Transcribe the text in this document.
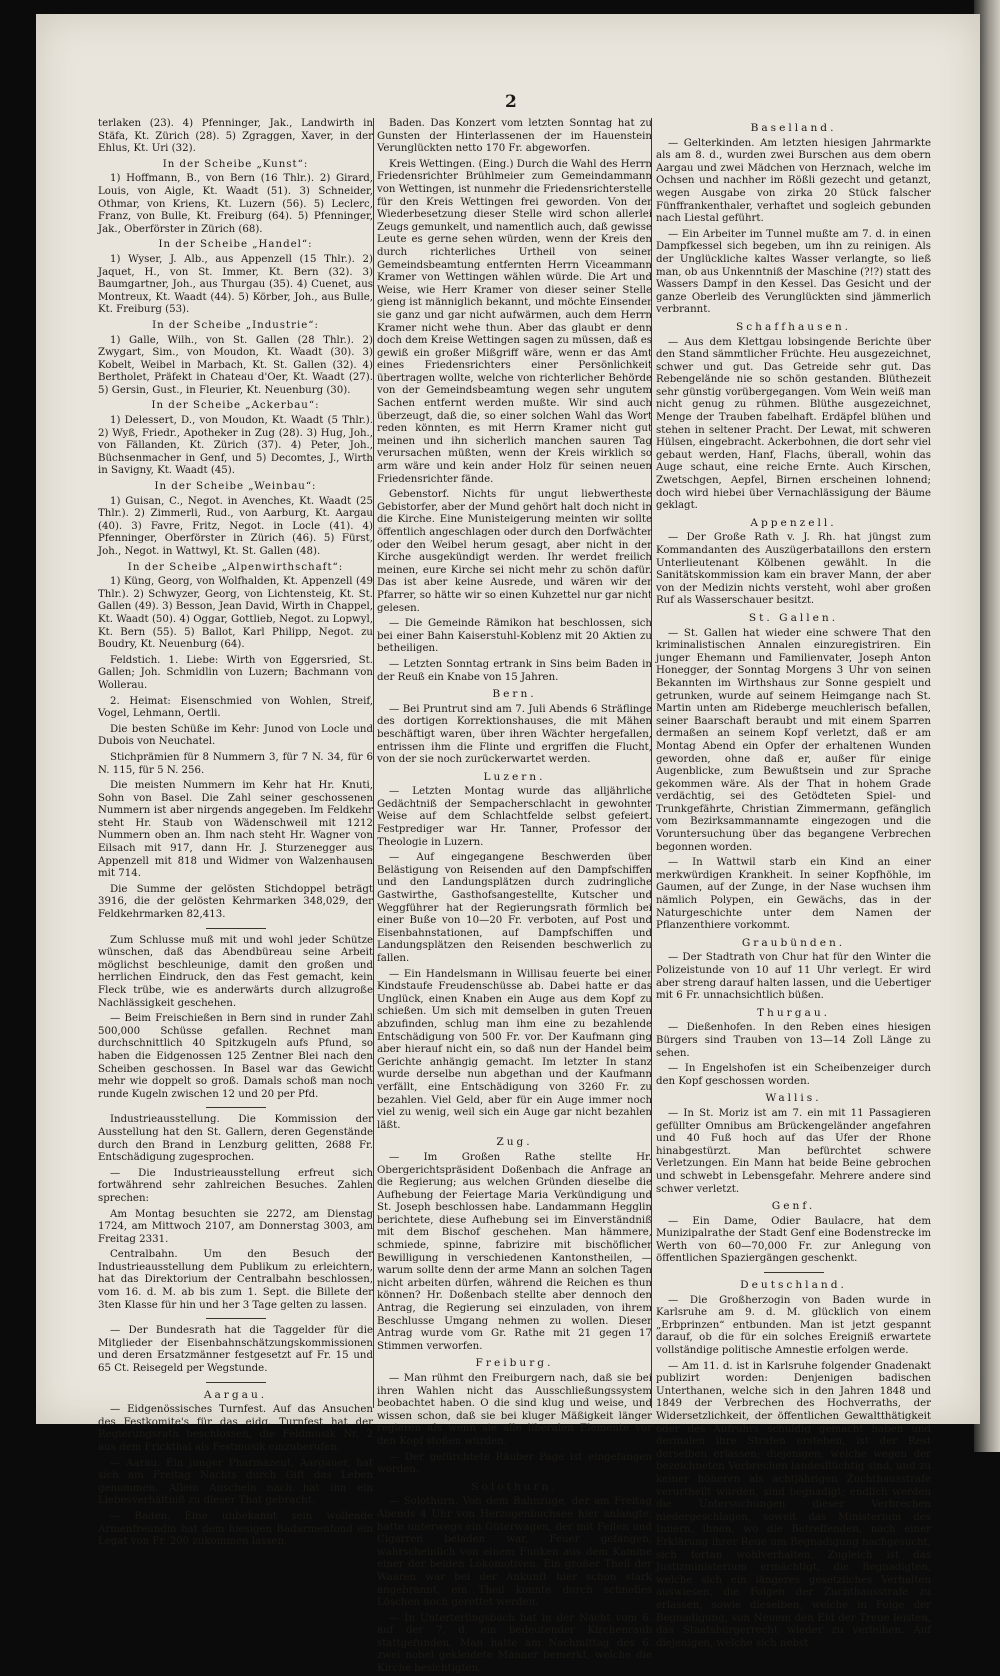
2

terlaken (23). 4) Pfenninger, Jak., Landwirth in Stäfa, Kt. Zürich (28). 5) Zgraggen, Xaver, in der Ehlus, Kt. Uri (32).

In der Scheibe „Kunst“:

1) Hoffmann, B., von Bern (16 Thlr.). 2) Girard, Louis, von Aigle, Kt. Waadt (51). 3) Schneider, Othmar, von Kriens, Kt. Luzern (56). 5) Leclerc, Franz, von Bulle, Kt. Freiburg (64). 5) Pfenninger, Jak., Oberförster in Zürich (68).

In der Scheibe „Handel“:

1) Wyser, J. Alb., aus Appenzell (15 Thlr.). 2) Jaquet, H., von St. Immer, Kt. Bern (32). 3) Baumgartner, Joh., aus Thurgau (35). 4) Cuenet, aus Montreux, Kt. Waadt (44). 5) Körber, Joh., aus Bulle, Kt. Freiburg (53).

In der Scheibe „Industrie“:

1) Galle, Wilh., von St. Gallen (28 Thlr.). 2) Zwygart, Sim., von Moudon, Kt. Waadt (30). 3) Kobelt, Weibel in Marbach, Kt. St. Gallen (32). 4) Bertholet, Präfekt in Chateau d'Oer, Kt. Waadt (27). 5) Gersin, Gust., in Fleurier, Kt. Neuenburg (30).

In der Scheibe „Ackerbau“:

1) Delessert, D., von Moudon, Kt. Waadt (5 Thlr.). 2) Wyß, Friedr., Apotheker in Zug (28). 3) Hug, Joh., von Fällanden, Kt. Zürich (37). 4) Peter, Joh., Büchsenmacher in Genf, und 5) Decomtes, J., Wirth in Savigny, Kt. Waadt (45).

In der Scheibe „Weinbau“:

1) Guisan, C., Negot. in Avenches, Kt. Waadt (25 Thlr.). 2) Zimmerli, Rud., von Aarburg, Kt. Aargau (40). 3) Favre, Fritz, Negot. in Locle (41). 4) Pfenninger, Oberförster in Zürich (46). 5) Fürst, Joh., Negot. in Wattwyl, Kt. St. Gallen (48).

In der Scheibe „Alpenwirthschaft“:

1) Küng, Georg, von Wolfhalden, Kt. Appenzell (49 Thlr.). 2) Schwyzer, Georg, von Lichtensteig, Kt. St. Gallen (49). 3) Besson, Jean David, Wirth in Chappel, Kt. Waadt (50). 4) Oggar, Gottlieb, Negot. zu Lopwyl, Kt. Bern (55). 5) Ballot, Karl Philipp, Negot. zu Boudry, Kt. Neuenburg (64).

Feldstich. 1. Liebe: Wirth von Eggersried, St. Gallen; Joh. Schmidlin von Luzern; Bachmann von Wollerau.

2. Heimat: Eisenschmied von Wohlen, Streif, Vogel, Lehmann, Oertli.

Die besten Schüße im Kehr: Junod von Locle und Dubois von Neuchatel.

Stichprämien für 8 Nummern 3, für 7 N. 34, für 6 N. 115, für 5 N. 256.

Die meisten Nummern im Kehr hat Hr. Knuti, Sohn von Basel. Die Zahl seiner geschossenen Nummern ist aber nirgends angegeben. Im Feldkehr steht Hr. Staub von Wädenschweil mit 1212 Nummern oben an. Ihm nach steht Hr. Wagner von Eilsach mit 917, dann Hr. J. Sturzenegger aus Appenzell mit 818 und Widmer von Walzenhausen mit 714.

Die Summe der gelösten Stichdoppel beträgt 3916, die der gelösten Kehrmarken 348,029, der Feldkehrmarken 82,413.

Zum Schlusse muß mit und wohl jeder Schütze wünschen, daß das Abendbüreau seine Arbeit möglichst beschleunige, damit den großen und herrlichen Eindruck, den das Fest gemacht, kein Fleck trübe, wie es anderwärts durch allzugroße Nachlässigkeit geschehen.

— Beim Freischießen in Bern sind in runder Zahl 500,000 Schüsse gefallen. Rechnet man durchschnittlich 40 Spitzkugeln aufs Pfund, so haben die Eidgenossen 125 Zentner Blei nach den Scheiben geschossen. In Basel war das Gewicht mehr wie doppelt so groß. Damals schoß man noch runde Kugeln zwischen 12 und 20 per Pfd.

Industrieausstellung. Die Kommission der Ausstellung hat den St. Gallern, deren Gegenstände durch den Brand in Lenzburg gelitten, 2688 Fr. Entschädigung zugesprochen.

— Die Industrieausstellung erfreut sich fortwährend sehr zahlreichen Besuches. Zahlen sprechen:

Am Montag besuchten sie 2272, am Dienstag 1724, am Mittwoch 2107, am Donnerstag 3003, am Freitag 2331.

Centralbahn. Um den Besuch der Industrieausstellung dem Publikum zu erleichtern, hat das Direktorium der Centralbahn beschlossen, vom 16. d. M. ab bis zum 1. Sept. die Billete der 3ten Klasse für hin und her 3 Tage gelten zu lassen.

— Der Bundesrath hat die Taggelder für die Mitglieder der Eisenbahnschätzungskommissionen und deren Ersatzmänner festgesetzt auf Fr. 15 und 65 Ct. Reisegeld per Wegstunde.

Aargau.

— Eidgenössisches Turnfest. Auf das Ansuchen des Festkomite's für das eidg. Turnfest hat der Regierungsrath beschlossen, die Feldmusik Nr. 2 aus dem Frickthal als Festmusik einzuberufen.

— Aarau. Ein junger Pharmazeut, Aargauer, hat sich am Freitag Nachts durch Gift das Leben genommen. Allem Anschein nach hat ihn ein Liebesverhältniß zu dieser That gebracht.

— Baden. Eine unbekannt sein wollende Armenfreundin hat dem hiesigen Badarmenfond ein Legat von Fr. 200 zukommen lassen.

Baden. Das Konzert vom letzten Sonntag hat zu Gunsten der Hinterlassenen der im Hauenstein Verunglückten netto 170 Fr. abgeworfen.

Kreis Wettingen. (Eing.) Durch die Wahl des Herrn Friedensrichter Brühlmeier zum Gemeindammann von Wettingen, ist nunmehr die Friedensrichterstelle für den Kreis Wettingen frei geworden. Von der Wiederbesetzung dieser Stelle wird schon allerlei Zeugs gemunkelt, und namentlich auch, daß gewisse Leute es gerne sehen würden, wenn der Kreis den durch richterliches Urtheil von seiner Gemeindsbeamtung entfernten Herrn Viceammann Kramer von Wettingen wählen würde. Die Art und Weise, wie Herr Kramer von dieser seiner Stelle gieng ist männiglich bekannt, und möchte Einsender sie ganz und gar nicht aufwärmen, auch dem Herrn Kramer nicht wehe thun. Aber das glaubt er denn doch dem Kreise Wettingen sagen zu müssen, daß es gewiß ein großer Mißgriff wäre, wenn er das Amt eines Friedensrichters einer Persönlichkeit übertragen wollte, welche von richterlicher Behörde von der Gemeindsbeamtung wegen sehr ungutem Sachen entfernt werden mußte. Wir sind auch überzeugt, daß die, so einer solchen Wahl das Wort reden könnten, es mit Herrn Kramer nicht gut meinen und ihn sicherlich manchen sauren Tag verursachen müßten, wenn der Kreis wirklich so arm wäre und kein ander Holz für seinen neuen Friedensrichter fände.

Gebenstorf. Nichts für ungut liebwertheste Gebistorfer, aber der Mund gehört halt doch nicht in die Kirche. Eine Munisteigerung meinten wir sollte öffentlich angeschlagen oder durch den Dorfwächter oder den Weibel herum gesagt, aber nicht in der Kirche ausgekündigt werden. Ihr werdet freilich meinen, eure Kirche sei nicht mehr zu schön dafür. Das ist aber keine Ausrede, und wären wir der Pfarrer, so hätte wir so einen Kuhzettel nur gar nicht gelesen.

— Die Gemeinde Rämikon hat beschlossen, sich bei einer Bahn Kaiserstuhl-Koblenz mit 20 Aktien zu betheiligen.

— Letzten Sonntag ertrank in Sins beim Baden in der Reuß ein Knabe von 15 Jahren.

Bern.

— Bei Pruntrut sind am 7. Juli Abends 6 Sträflinge des dortigen Korrektionshauses, die mit Mähen beschäftigt waren, über ihren Wächter hergefallen, entrissen ihm die Flinte und ergriffen die Flucht, von der sie noch zurückerwartet werden.

Luzern.

— Letzten Montag wurde das alljährliche Gedächtniß der Sempacherschlacht in gewohnter Weise auf dem Schlachtfelde selbst gefeiert. Festprediger war Hr. Tanner, Professor der Theologie in Luzern.

— Auf eingegangene Beschwerden über Belästigung von Reisenden auf den Dampfschiffen und den Landungsplätzen durch zudringliche Gastwirthe, Gasthofsangestellte, Kutscher und Weggführer hat der Regierungsrath förmlich bei einer Buße von 10—20 Fr. verboten, auf Post und Eisenbahnstationen, auf Dampfschiffen und Landungsplätzen den Reisenden beschwerlich zu fallen.

— Ein Handelsmann in Willisau feuerte bei einer Kindstaufe Freudenschüsse ab. Dabei hatte er das Unglück, einen Knaben ein Auge aus dem Kopf zu schießen. Um sich mit demselben in guten Treuen abzufinden, schlug man ihm eine zu bezahlende Entschädigung von 500 Fr. vor. Der Kaufmann ging aber hierauf nicht ein, so daß nun der Handel beim Gerichte anhängig gemacht. Im letzter In stanz wurde derselbe nun abgethan und der Kaufmann verfällt, eine Entschädigung von 3260 Fr. zu bezahlen. Viel Geld, aber für ein Auge immer noch viel zu wenig, weil sich ein Auge gar nicht bezahlen läßt.

Zug.

— Im Großen Rathe stellte Hr. Obergerichtspräsident Doßenbach die Anfrage an die Regierung; aus welchen Gründen dieselbe die Aufhebung der Feiertage Maria Verkündigung und St. Joseph beschlossen habe. Landammann Hegglin berichtete, diese Aufhebung sei im Einverständniß mit dem Bischof geschehen. Man hämmere, schmiede, spinne, fabrizire mit bischöflicher Bewilligung in verschiedenen Kantonstheilen, — warum sollte denn der arme Mann an solchen Tagen nicht arbeiten dürfen, während die Reichen es thun können? Hr. Doßenbach stellte aber dennoch den Antrag, die Regierung sei einzuladen, von ihrem Beschlusse Umgang nehmen zu wollen. Dieser Antrag wurde vom Gr. Rathe mit 21 gegen 17 Stimmen verworfen.

Freiburg.

— Man rühmt den Freiburgern nach, daß sie bei ihren Wahlen nicht das Ausschließungssystem beobachtet haben. O die sind klug und weise, und wissen schon, daß sie bei kluger Mäßigkeit länger regieren als wenn sie alle liberalen Elemente vor den Kopf stoßen würden.

— Der gefürchtete Räuber Page ist eingefangen worden.

Solothurn.

— Solothurn. Von dem Bahnzuge, der am Freitag Abends 4 Uhr von Herzogenbuchsee hier anlangte, hatte unterwegs ein Güterwagen, der mit Fellen und Cigarren beladen war, Feuer gefangen, wahrscheinlich von einem Funken aus dem Kamine einer der beiden Lokomotiven. Ein großer Theil der Waaren war bei der Ankunft hier schon stark angebrannt, ein Theil konnte durch schnelles Löschen noch gerettet werden.

— In Unterterlingsbach hat in der Nacht vom 6. auf der 7. d. ein bedeutender Kirchenraub stattgefunden. Man hatte am Nachmittag des 6. zwei nobel gekleidete Männer bemerkt, welche die Kirche besichtigten.

Baselland.

— Gelterkinden. Am letzten hiesigen Jahrmarkte als am 8. d., wurden zwei Burschen aus dem obern Aargau und zwei Mädchen von Herznach, welche im Ochsen und nachher im Rößli gezecht und getanzt, wegen Ausgabe von zirka 20 Stück falscher Fünffrankenthaler, verhaftet und sogleich gebunden nach Liestal geführt.

— Ein Arbeiter im Tunnel mußte am 7. d. in einen Dampfkessel sich begeben, um ihn zu reinigen. Als der Unglückliche kaltes Wasser verlangte, so ließ man, ob aus Unkenntniß der Maschine (?!?) statt des Wassers Dampf in den Kessel. Das Gesicht und der ganze Oberleib des Verunglückten sind jämmerlich verbrannt.

Schaffhausen.

— Aus dem Klettgau lobsingende Berichte über den Stand sämmtlicher Früchte. Heu ausgezeichnet, schwer und gut. Das Getreide sehr gut. Das Rebengelände nie so schön gestanden. Blüthezeit sehr günstig vorübergegangen. Vom Wein weiß man nicht genug zu rühmen. Blüthe ausgezeichnet, Menge der Trauben fabelhaft. Erdäpfel blühen und stehen in seltener Pracht. Der Lewat, mit schweren Hülsen, eingebracht. Ackerbohnen, die dort sehr viel gebaut werden, Hanf, Flachs, überall, wohin das Auge schaut, eine reiche Ernte. Auch Kirschen, Zwetschgen, Aepfel, Birnen erscheinen lohnend; doch wird hiebei über Vernachlässigung der Bäume geklagt.

Appenzell.

— Der Große Rath v. J. Rh. hat jüngst zum Kommandanten des Auszügerbataillons den erstern Unterlieutenant Kölbenen gewählt. In die Sanitätskommission kam ein braver Mann, der aber von der Medizin nichts versteht, wohl aber großen Ruf als Wasserschauer besitzt.

St. Gallen.

— St. Gallen hat wieder eine schwere That den kriminalistischen Annalen einzuregistriren. Ein junger Ehemann und Familienvater, Joseph Anton Honegger, der Sonntag Morgens 3 Uhr von seinen Bekannten im Wirthshaus zur Sonne gespielt und getrunken, wurde auf seinem Heimgange nach St. Martin unten am Rideberge meuchlerisch befallen, seiner Baarschaft beraubt und mit einem Sparren dermaßen an seinem Kopf verletzt, daß er am Montag Abend ein Opfer der erhaltenen Wunden geworden, ohne daß er, außer für einige Augenblicke, zum Bewußtsein und zur Sprache gekommen wäre. Als der That in hohem Grade verdächtig, sei des Getödteten Spiel- und Trunkgefährte, Christian Zimmermann, gefänglich vom Bezirksammannamte eingezogen und die Voruntersuchung über das begangene Verbrechen begonnen worden.

— In Wattwil starb ein Kind an einer merkwürdigen Krankheit. In seiner Kopfhöhle, im Gaumen, auf der Zunge, in der Nase wuchsen ihm nämlich Polypen, ein Gewächs, das in der Naturgeschichte unter dem Namen der Pflanzenthiere vorkommt.

Graubünden.

— Der Stadtrath von Chur hat für den Winter die Polizeistunde von 10 auf 11 Uhr verlegt. Er wird aber streng darauf halten lassen, und die Uebertiger mit 6 Fr. unnachsichtlich büßen.

Thurgau.

— Dießenhofen. In den Reben eines hiesigen Bürgers sind Trauben von 13—14 Zoll Länge zu sehen.

— In Engelshofen ist ein Scheibenzeiger durch den Kopf geschossen worden.

Wallis.

— In St. Moriz ist am 7. ein mit 11 Passagieren gefüllter Omnibus am Brückengeländer angefahren und 40 Fuß hoch auf das Ufer der Rhone hinabgestürzt. Man befürchtet schwere Verletzungen. Ein Mann hat beide Beine gebrochen und schwebt in Lebensgefahr. Mehrere andere sind schwer verletzt.

Genf.

— Ein Dame, Odier Baulacre, hat dem Munizipalrathe der Stadt Genf eine Bodenstrecke im Werth von 60—70,000 Fr. zur Anlegung von öffentlichen Spaziergängen geschenkt.

Deutschland.

— Die Großherzogin von Baden wurde in Karlsruhe am 9. d. M. glücklich von einem „Erbprinzen“ entbunden. Man ist jetzt gespannt darauf, ob die für ein solches Ereigniß erwartete vollständige politische Amnestie erfolgen werde.

— Am 11. d. ist in Karlsruhe folgender Gnadenakt publizirt worden: Denjenigen badischen Unterthanen, welche sich in den Jahren 1848 und 1849 der Verbrechen des Hochverraths, der Widersetzlichkeit, der öffentlichen Gewaltthätigkeit oder des Aufruhrs schuldig gemacht haben und dermalen ihre Strafen erstehen, ist der Rest derselben erlassen; diejenigen, welche wegen der bezeichneten Verbrechen landesflüchtig sind, und zu keiner höheren als achtjährigen Zuchthausstrafe verurtheilt wurden, sind begnadigt; endlich werden die Untersuchungen dieser Verbrechen niedergeschlagen, soweit das Ministerium des Innern, ihnen, wo die Betreffenden, nach einer Erklärung ihrer Reue um Begnadigung nachgesucht, sich fortan wohlverhalten. Zugleich ist das Justizministerium ermächtigt, die Begnadigten, welche sich ein längeres gesetzliches Verhalten auswiesen, die Folgen der Zuchthausstrafe zu erlassen, sowie dieselben, welche in Folge der Begnadigung, von Neuem den Eid der Treue leisten, das Staatsbürgerrecht wieder zu verleihen. Auf diejenigen, welche sich nebst
